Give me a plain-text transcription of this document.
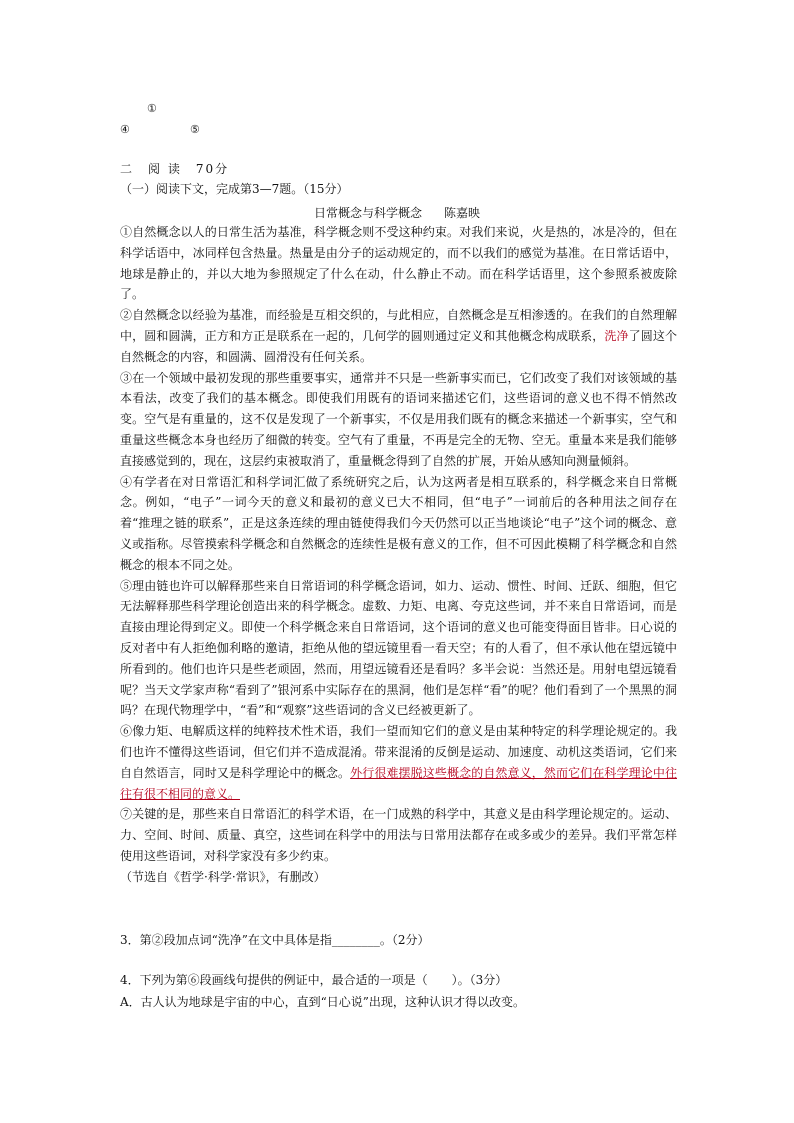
①
④	⑤
二　阅 读　70分
（一）阅读下文，完成第3—7题。（15分）
日常概念与科学概念 陈嘉映

①自然概念以人的日常生活为基准，科学概念则不受这种约束。对我们来说，火是热的，冰是冷的，但在科学话语中，冰同样包含热量。热量是由分子的运动规定的，而不以我们的感觉为基准。在日常话语中，地球是静止的，并以大地为参照规定了什么在动，什么静止不动。而在科学话语里，这个参照系被废除了。

②自然概念以经验为基准，而经验是互相交织的，与此相应，自然概念是互相渗透的。在我们的自然理解中，圆和圆满，正方和方正是联系在一起的，几何学的圆则通过定义和其他概念构成联系，洗净了圆这个自然概念的内容，和圆满、圆滑没有任何关系。

③在一个领域中最初发现的那些重要事实，通常并不只是一些新事实而已，它们改变了我们对该领域的基本看法，改变了我们的基本概念。即使我们用既有的语词来描述它们，这些语词的意义也不得不悄然改变。空气是有重量的，这不仅是发现了一个新事实，不仅是用我们既有的概念来描述一个新事实，空气和重量这些概念本身也经历了细微的转变。空气有了重量，不再是完全的无物、空无。重量本来是我们能够直接感觉到的，现在，这层约束被取消了，重量概念得到了自然的扩展，开始从感知向测量倾斜。

④有学者在对日常语汇和科学词汇做了系统研究之后，认为这两者是相互联系的，科学概念来自日常概念。例如，“电子”一词今天的意义和最初的意义已大不相同，但“电子”一词前后的各种用法之间存在着“推理之链的联系”，正是这条连续的理由链使得我们今天仍然可以正当地谈论“电子”这个词的概念、意义或指称。尽管摸索科学概念和自然概念的连续性是极有意义的工作，但不可因此模糊了科学概念和自然概念的根本不同之处。

⑤理由链也许可以解释那些来自日常语词的科学概念语词，如力、运动、惯性、时间、迁跃、细胞，但它无法解释那些科学理论创造出来的科学概念。虚数、力矩、电离、夸克这些词，并不来自日常语词，而是直接由理论得到定义。即使一个科学概念来自日常语词，这个语词的意义也可能变得面目皆非。日心说的反对者中有人拒绝伽利略的邀请，拒绝从他的望远镜里看一看天空；有的人看了，但不承认他在望远镜中所看到的。他们也许只是些老顽固，然而，用望远镜看还是看吗？多半会说：当然还是。用射电望远镜看呢？当天文学家声称“看到了”银河系中实际存在的黑洞，他们是怎样“看”的呢？他们看到了一个黑黑的洞吗？在现代物理学中，“看”和“观察”这些语词的含义已经被更新了。

⑥像力矩、电解质这样的纯粹技术性术语，我们一望而知它们的意义是由某种特定的科学理论规定的。我们也许不懂得这些语词，但它们并不造成混淆。带来混淆的反倒是运动、加速度、动机这类语词，它们来自自然语言，同时又是科学理论中的概念。外行很难摆脱这些概念的自然意义，然而它们在科学理论中往往有很不相同的意义。

⑦关键的是，那些来自日常语汇的科学术语，在一门成熟的科学中，其意义是由科学理论规定的。运动、力、空间、时间、质量、真空，这些词在科学中的用法与日常用法都存在或多或少的差异。我们平常怎样使用这些语词，对科学家没有多少约束。

（节选自《哲学·科学·常识》，有删改）

3．第②段加点词“洗净”在文中具体是指________。（2分）
4．下列为第⑥段画线句提供的例证中，最合适的一项是（　　）。（3分）
A．古人认为地球是宇宙的中心，直到“日心说”出现，这种认识才得以改变。
